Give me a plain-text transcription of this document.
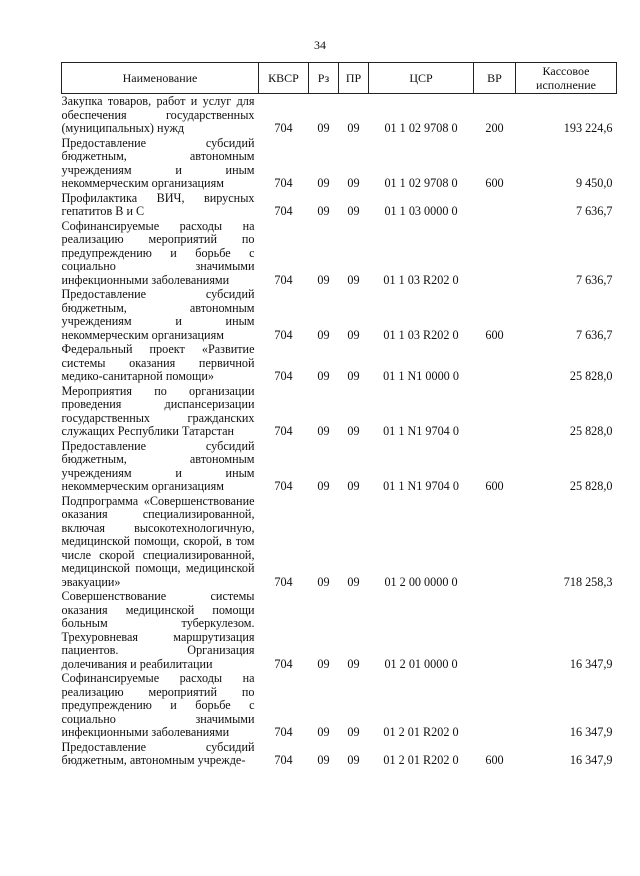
34
Наименование	КВСР	Рз	ПР	ЦСР	ВР	Кассовое исполнение
Закупка товаров, работ и услуг для обеспечения государственных (муниципальных) нужд	704	09	09	01 1 02 9708 0	200	193 224,6
Предоставление субсидий бюджетным, автономным учреждениям и иным некоммерческим организациям	704	09	09	01 1 02 9708 0	600	9 450,0
Профилактика ВИЧ, вирусных гепатитов В и С	704	09	09	01 1 03 0000 0		7 636,7
Софинансируемые расходы на реализацию мероприятий по предупреждению и борьбе с социально значимыми инфекционными заболеваниями	704	09	09	01 1 03 R202 0		7 636,7
Предоставление субсидий бюджетным, автономным учреждениям и иным некоммерческим организациям	704	09	09	01 1 03 R202 0	600	7 636,7
Федеральный проект «Развитие системы оказания первичной медико-санитарной помощи»	704	09	09	01 1 N1 0000 0		25 828,0
Мероприятия по организации проведения диспансеризации государственных гражданских служащих Республики Татарстан	704	09	09	01 1 N1 9704 0		25 828,0
Предоставление субсидий бюджетным, автономным учреждениям и иным некоммерческим организациям	704	09	09	01 1 N1 9704 0	600	25 828,0
Подпрограмма «Совершенствование оказания специализированной, включая высокотехнологичную, медицинской помощи, скорой, в том числе скорой специализированной, медицинской помощи, медицинской эвакуации»	704	09	09	01 2 00 0000 0		718 258,3
Совершенствование системы оказания медицинской помощи больным туберкулезом. Трехуровневая маршрутизация пациентов. Организация долечивания и реабилитации	704	09	09	01 2 01 0000 0		16 347,9
Софинансируемые расходы на реализацию мероприятий по предупреждению и борьбе с социально значимыми инфекционными заболеваниями	704	09	09	01 2 01 R202 0		16 347,9
Предоставление субсидий бюджетным, автономным учрежде-	704	09	09	01 2 01 R202 0	600	16 347,9
